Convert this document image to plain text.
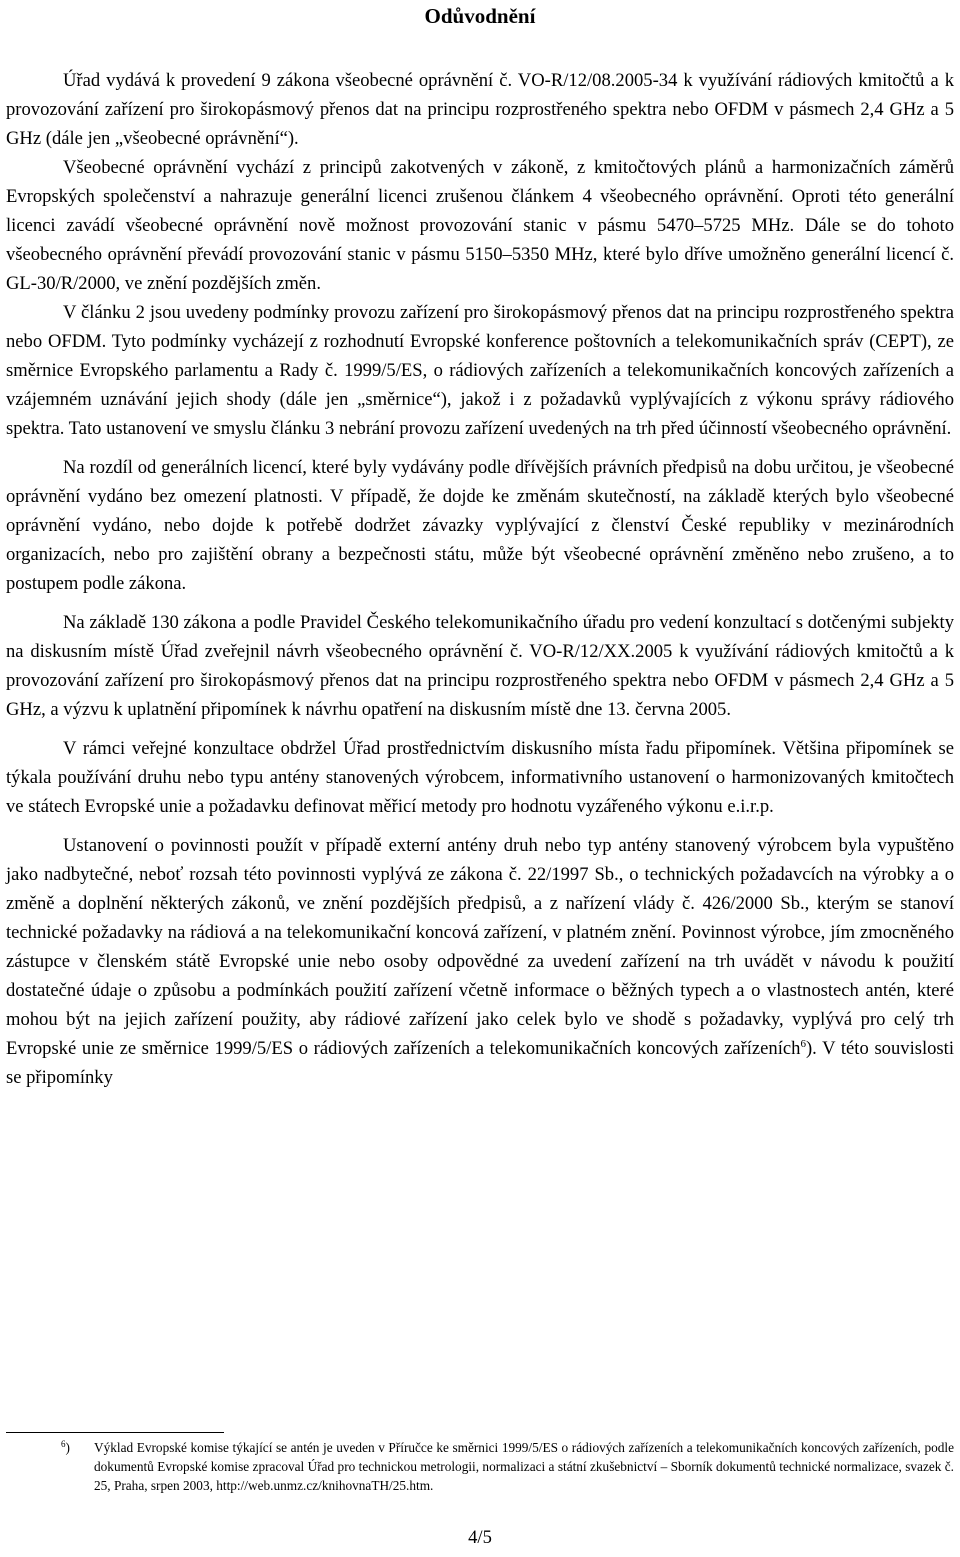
Odůvodnění

Úřad vydává k provedení 9 zákona všeobecné oprávnění č. VO-R/12/08.2005-34 k využívání rádiových kmitočtů a k provozování zařízení pro širokopásmový přenos dat na principu rozprostřeného spektra nebo OFDM v pásmech 2,4 GHz a 5 GHz (dále jen „všeobecné oprávnění“).

Všeobecné oprávnění vychází z principů zakotvených v zákoně, z kmitočtových plánů a harmonizačních záměrů Evropských společenství a nahrazuje generální licenci zrušenou článkem 4 všeobecného oprávnění. Oproti této generální licenci zavádí všeobecné oprávnění nově možnost provozování stanic v pásmu 5470–5725 MHz. Dále se do tohoto všeobecného oprávnění převádí provozování stanic v pásmu 5150–5350 MHz, které bylo dříve umožněno generální licencí č. GL-30/R/2000, ve znění pozdějších změn.

V článku 2 jsou uvedeny podmínky provozu zařízení pro širokopásmový přenos dat na principu rozprostřeného spektra nebo OFDM. Tyto podmínky vycházejí z rozhodnutí Evropské konference poštovních a telekomunikačních správ (CEPT), ze směrnice Evropského parlamentu a Rady č. 1999/5/ES, o rádiových zařízeních a telekomunikačních koncových zařízeních a vzájemném uznávání jejich shody (dále jen „směrnice“), jakož i z požadavků vyplývajících z výkonu správy rádiového spektra. Tato ustanovení ve smyslu článku 3 nebrání provozu zařízení uvedených na trh před účinností všeobecného oprávnění.

Na rozdíl od generálních licencí, které byly vydávány podle dřívějších právních předpisů na dobu určitou, je všeobecné oprávnění vydáno bez omezení platnosti. V případě, že dojde ke změnám skutečností, na základě kterých bylo všeobecné oprávnění vydáno, nebo dojde k potřebě dodržet závazky vyplývající z členství České republiky v mezinárodních organizacích, nebo pro zajištění obrany a bezpečnosti státu, může být všeobecné oprávnění změněno nebo zrušeno, a to postupem podle zákona.

Na základě 130 zákona a podle Pravidel Českého telekomunikačního úřadu pro vedení konzultací s dotčenými subjekty na diskusním místě Úřad zveřejnil návrh všeobecného oprávnění č. VO-R/12/XX.2005 k využívání rádiových kmitočtů a k provozování zařízení pro širokopásmový přenos dat na principu rozprostřeného spektra nebo OFDM v pásmech 2,4 GHz a 5 GHz, a výzvu k uplatnění připomínek k návrhu opatření na diskusním místě dne 13. června 2005.

V rámci veřejné konzultace obdržel Úřad prostřednictvím diskusního místa řadu připomínek. Většina připomínek se týkala používání druhu nebo typu antény stanovených výrobcem, informativního ustanovení o harmonizovaných kmitočtech ve státech Evropské unie a požadavku definovat měřicí metody pro hodnotu vyzářeného výkonu e.i.r.p.

Ustanovení o povinnosti použít v případě externí antény druh nebo typ antény stanovený výrobcem byla vypuštěno jako nadbytečné, neboť rozsah této povinnosti vyplývá ze zákona č. 22/1997 Sb., o technických požadavcích na výrobky a o změně a doplnění některých zákonů, ve znění pozdějších předpisů, a z nařízení vlády č. 426/2000 Sb., kterým se stanoví technické požadavky na rádiová a na telekomunikační koncová zařízení, v platném znění. Povinnost výrobce, jím zmocněného zástupce v členském státě Evropské unie nebo osoby odpovědné za uvedení zařízení na trh uvádět v návodu k použití dostatečné údaje o způsobu a podmínkách použití zařízení včetně informace o běžných typech a o vlastnostech antén, které mohou být na jejich zařízení použity, aby rádiové zařízení jako celek bylo ve shodě s požadavky, vyplývá pro celý trh Evropské unie ze směrnice 1999/5/ES o rádiových zařízeních a telekomunikačních koncových zařízeních$^6$). V této souvislosti se připomínky

$^6$) Výklad Evropské komise týkající se antén je uveden v Příručce ke směrnici 1999/5/ES o rádiových zařízeních a telekomunikačních koncových zařízeních, podle dokumentů Evropské komise zpracoval Úřad pro technickou metrologii, normalizaci a státní zkušebnictví – Sborník dokumentů technické normalizace, svazek č. 25, Praha, srpen 2003, http://web.unmz.cz/knihovnaTH/25.htm.
4/5
